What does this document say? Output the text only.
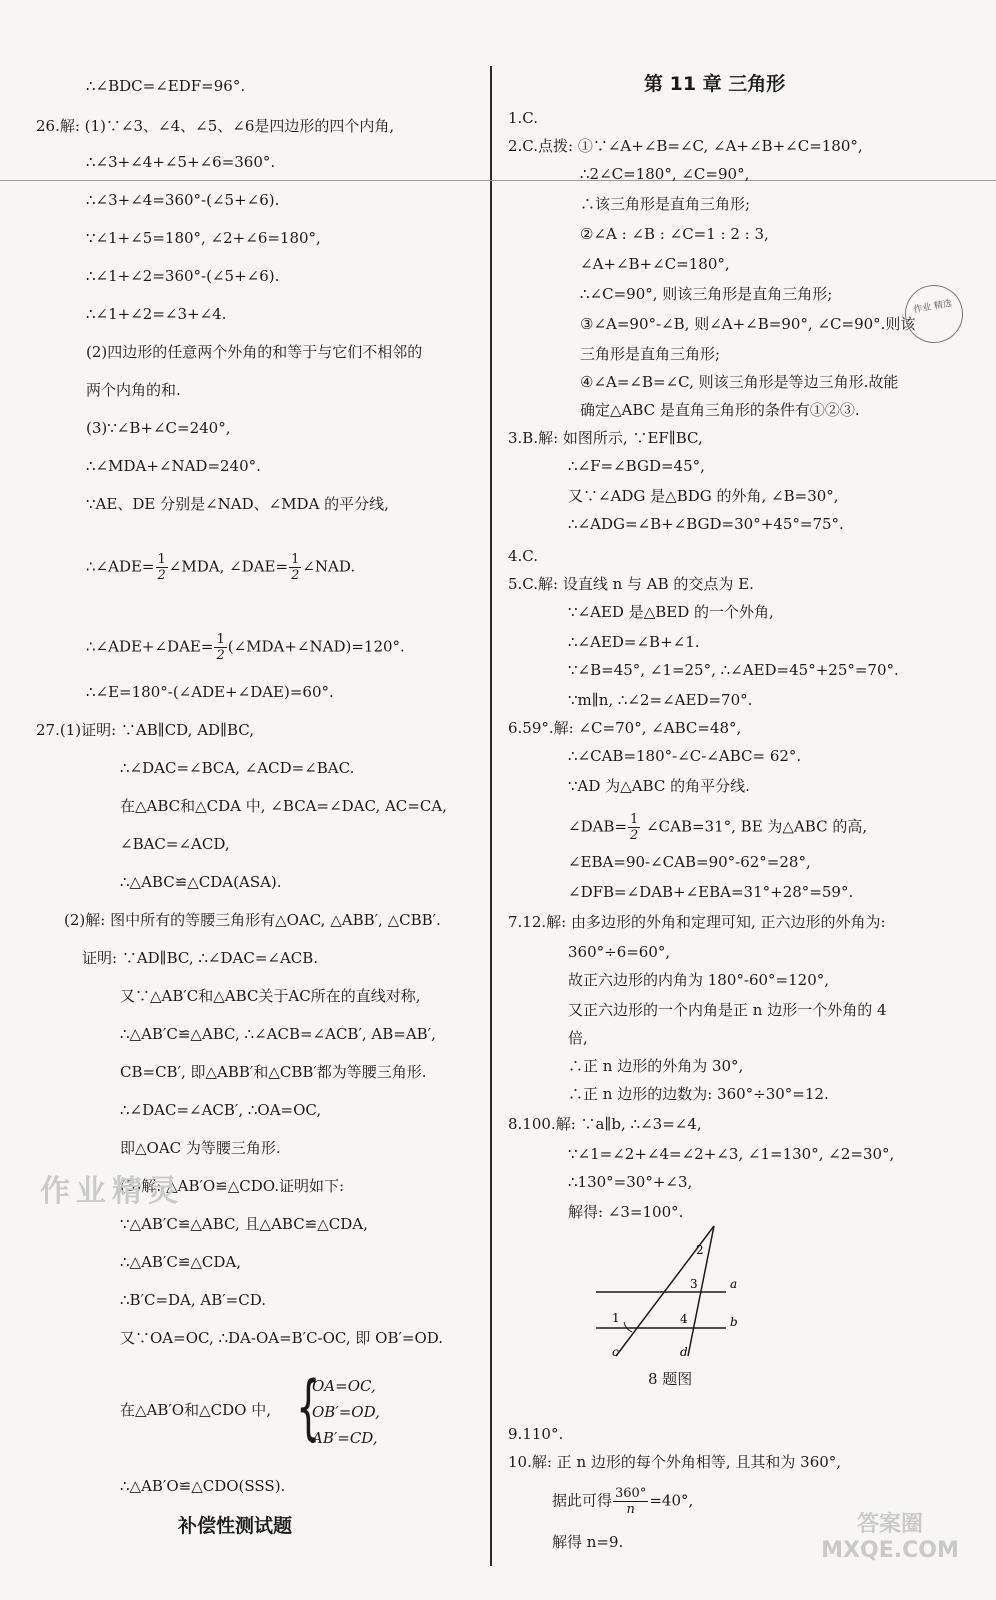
∴∠BDC=∠EDF=96°.
26.解: (1)∵∠3、∠4、∠5、∠6是四边形的四个内角,
∴∠3+∠4+∠5+∠6=360°.
∴∠3+∠4=360°-(∠5+∠6).
∵∠1+∠5=180°, ∠2+∠6=180°,
∴∠1+∠2=360°-(∠5+∠6).
∴∠1+∠2=∠3+∠4.
(2)四边形的任意两个外角的和等于与它们不相邻的
两个内角的和.
(3)∵∠B+∠C=240°,
∴∠MDA+∠NAD=240°.
∵AE、DE 分别是∠NAD、∠MDA 的平分线,
∴∠ADE= $\frac{1}{2}$ ∠MDA, ∠DAE= $\frac{1}{2}$ ∠NAD.
∴∠ADE+∠DAE= $\frac{1}{2}$ (∠MDA+∠NAD)=120°.
∴∠E=180°-(∠ADE+∠DAE)=60°.
27.(1)证明: ∵AB∥CD, AD∥BC,
∴∠DAC=∠BCA, ∠ACD=∠BAC.
在△ABC和△CDA 中, ∠BCA=∠DAC, AC=CA,
∠BAC=∠ACD,
∴△ABC≌△CDA(ASA).
(2)解: 图中所有的等腰三角形有△OAC, △ABB′, △CBB′.
证明: ∵AD∥BC, ∴∠DAC=∠ACB.
又∵△AB′C和△ABC关于AC所在的直线对称,
∴△AB′C≌△ABC, ∴∠ACB=∠ACB′, AB=AB′,
CB=CB′, 即△ABB′和△CBB′都为等腰三角形.
∴∠DAC=∠ACB′, ∴OA=OC,
即△OAC 为等腰三角形.
(3)解: △AB′O≌△CDO.证明如下:
∵△AB′C≌△ABC, 且△ABC≌△CDA,
∴△AB′C≌△CDA,
∴B′C=DA, AB′=CD.
又∵OA=OC, ∴DA-OA=B′C-OC, 即 OB′=OD.
在△AB′O和△CDO 中, {
OA=OC,
OB′=OD,
AB′=CD,
∴△AB′O≌△CDO(SSS).
补偿性测试题
第 11 章 三角形
1.C.
2.C.点拨: ①∵∠A+∠B=∠C, ∠A+∠B+∠C=180°,
∴2∠C=180°, ∠C=90°,
∴该三角形是直角三角形;
②∠A : ∠B : ∠C=1 : 2 : 3,
∠A+∠B+∠C=180°,
∴∠C=90°, 则该三角形是直角三角形;
③∠A=90°-∠B, 则∠A+∠B=90°, ∠C=90°.则该
三角形是直角三角形;
④∠A=∠B=∠C, 则该三角形是等边三角形.故能
确定△ABC 是直角三角形的条件有①②③.
3.B.解: 如图所示, ∵EF∥BC,
∴∠F=∠BGD=45°,
又∵∠ADG 是△BDG 的外角, ∠B=30°,
∴∠ADG=∠B+∠BGD=30°+45°=75°.
4.C.
5.C.解: 设直线 n 与 AB 的交点为 E.
∵∠AED 是△BED 的一个外角,
∴∠AED=∠B+∠1.
∵∠B=45°, ∠1=25°, ∴∠AED=45°+25°=70°.
∵m∥n, ∴∠2=∠AED=70°.
6.59°.解: ∠C=70°, ∠ABC=48°,
∴∠CAB=180°-∠C-∠ABC= 62°.
∵AD 为△ABC 的角平分线.
∠DAB= $\frac{1}{2}$ ∠CAB=31°, BE 为△ABC 的高,
∠EBA=90-∠CAB=90°-62°=28°,
∠DFB=∠DAB+∠EBA=31°+28°=59°.
7.12.解: 由多边形的外角和定理可知, 正六边形的外角为:
360°÷6=60°,
故正六边形的内角为 180°-60°=120°,
又正六边形的一个内角是正 n 边形一个外角的 4
倍,
∴正 n 边形的外角为 30°,
∴正 n 边形的边数为: 360°÷30°=12.
8.100.解: ∵a∥b, ∴∠3=∠4,
∵∠1=∠2+∠4=∠2+∠3, ∠1=130°, ∠2=30°,
∴130°=30°+∠3,
解得: ∠3=100°.
9.110°.
10.解: 正 n 边形的每个外角相等, 且其和为 360°,
据此可得 $\frac{360^\circ}{n} =40^\circ$,
解得 n=9.
2
3	a
1	4	b
c	d
8 题图
作业 精选
作业精灵
答案圈 MXQE.COM
